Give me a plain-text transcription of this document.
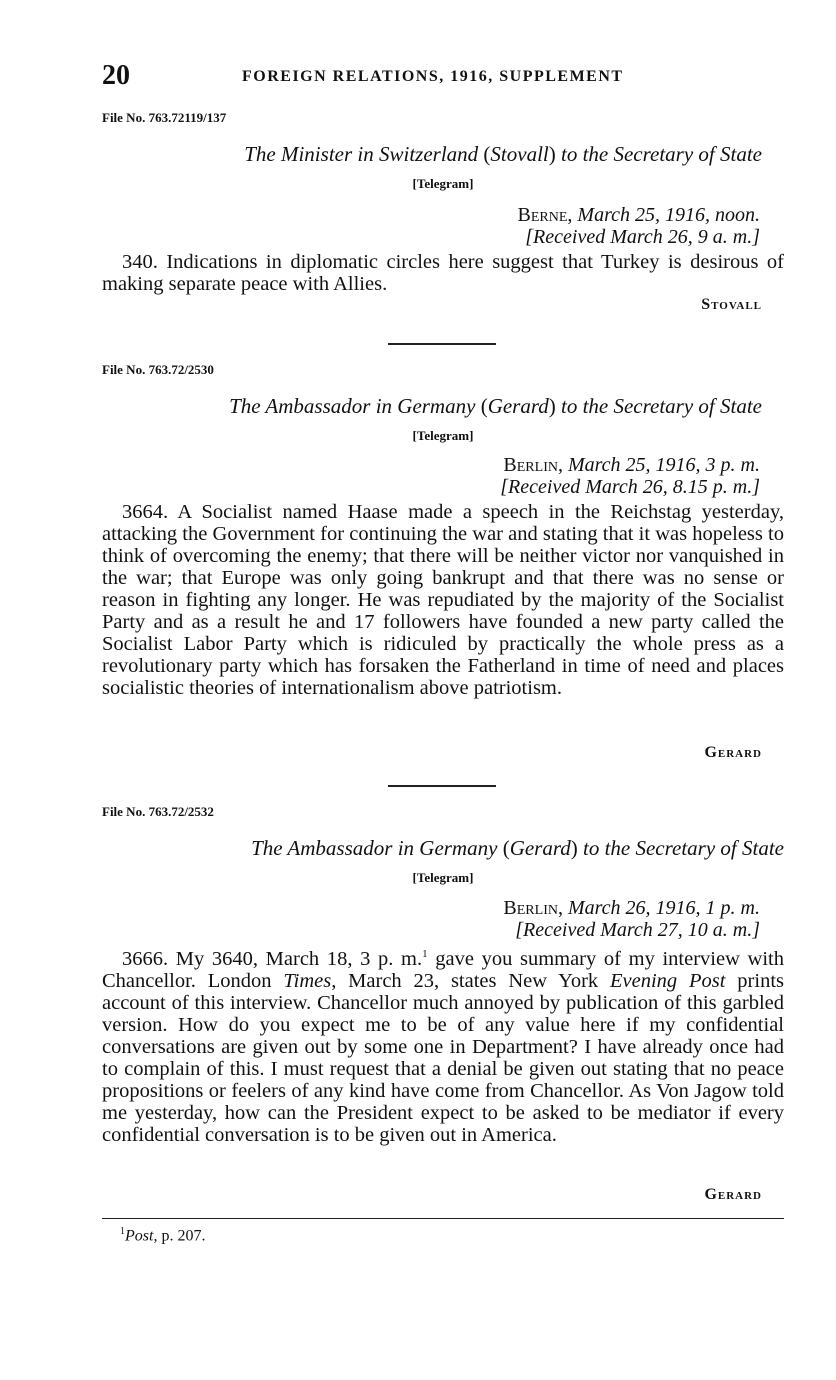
20	FOREIGN RELATIONS, 1916, SUPPLEMENT
File No. 763.72119/137
The Minister in Switzerland (Stovall) to the Secretary of State
[Telegram]
Berne, March 25, 1916, noon.
[Received March 26, 9 a. m.]

340. Indications in diplomatic circles here suggest that Turkey is desirous of making separate peace with Allies.

Stovall
File No. 763.72/2530
The Ambassador in Germany (Gerard) to the Secretary of State
[Telegram]
Berlin, March 25, 1916, 3 p. m.
[Received March 26, 8.15 p. m.]

3664. A Socialist named Haase made a speech in the Reichstag yesterday, attacking the Government for continuing the war and stating that it was hopeless to think of overcoming the enemy; that there will be neither victor nor vanquished in the war; that Europe was only going bankrupt and that there was no sense or reason in fighting any longer. He was repudiated by the majority of the Socialist Party and as a result he and 17 followers have founded a new party called the Socialist Labor Party which is ridiculed by practically the whole press as a revolutionary party which has forsaken the Fatherland in time of need and places socialistic theories of internationalism above patriotism.

Gerard
File No. 763.72/2532
The Ambassador in Germany (Gerard) to the Secretary of State
[Telegram]
Berlin, March 26, 1916, 1 p. m.
[Received March 27, 10 a. m.]

3666. My 3640, March 18, 3 p. m.$^1$ gave you summary of my interview with Chancellor. London Times, March 23, states New York Evening Post prints account of this interview. Chancellor much annoyed by publication of this garbled version. How do you expect me to be of any value here if my confidential conversations are given out by some one in Department? I have already once had to complain of this. I must request that a denial be given out stating that no peace propositions or feelers of any kind have come from Chancellor. As Von Jagow told me yesterday, how can the President expect to be asked to be mediator if every confidential conversation is to be given out in America.

Gerard
$^1$Post, p. 207.
